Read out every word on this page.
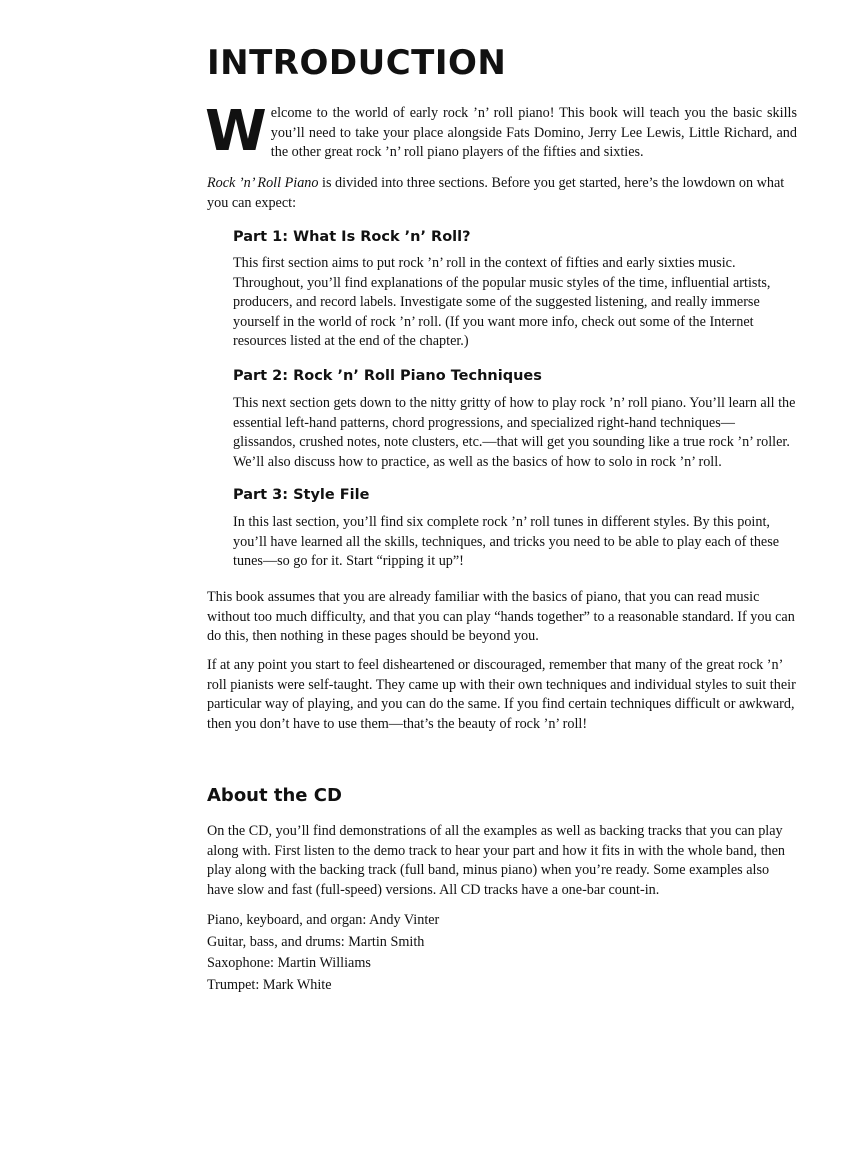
INTRODUCTION

Welcome to the world of early rock ’n’ roll piano! This book will teach you the basic skills you’ll need to take your place alongside Fats Domino, Jerry Lee Lewis, Little Richard, and the other great rock ’n’ roll piano players of the fifties and sixties.

Rock ’n’ Roll Piano is divided into three sections. Before you get started, here’s the lowdown on what you can expect:

Part 1: What Is Rock ’n’ Roll?

This first section aims to put rock ’n’ roll in the context of fifties and early sixties music. Throughout, you’ll find explanations of the popular music styles of the time, influential artists, producers, and record labels. Investigate some of the suggested listening, and really immerse yourself in the world of rock ’n’ roll. (If you want more info, check out some of the Internet resources listed at the end of the chapter.)

Part 2: Rock ’n’ Roll Piano Techniques

This next section gets down to the nitty gritty of how to play rock ’n’ roll piano. You’ll learn all the essential left-hand patterns, chord progressions, and specialized right-hand techniques—glissandos, crushed notes, note clusters, etc.—that will get you sounding like a true rock ’n’ roller. We’ll also discuss how to practice, as well as the basics of how to solo in rock ’n’ roll.

Part 3: Style File

In this last section, you’ll find six complete rock ’n’ roll tunes in different styles. By this point, you’ll have learned all the skills, techniques, and tricks you need to be able to play each of these tunes—so go for it. Start “ripping it up”!

This book assumes that you are already familiar with the basics of piano, that you can read music without too much difficulty, and that you can play “hands together” to a reasonable standard. If you can do this, then nothing in these pages should be beyond you.

If at any point you start to feel disheartened or discouraged, remember that many of the great rock ’n’ roll pianists were self-taught. They came up with their own techniques and individual styles to suit their particular way of playing, and you can do the same. If you find certain techniques difficult or awkward, then you don’t have to use them—that’s the beauty of rock ’n’ roll!

About the CD

On the CD, you’ll find demonstrations of all the examples as well as backing tracks that you can play along with. First listen to the demo track to hear your part and how it fits in with the whole band, then play along with the backing track (full band, minus piano) when you’re ready. Some examples also have slow and fast (full-speed) versions. All CD tracks have a one-bar count-in.

Piano, keyboard, and organ: Andy Vinter
Guitar, bass, and drums: Martin Smith
Saxophone: Martin Williams
Trumpet: Mark White
